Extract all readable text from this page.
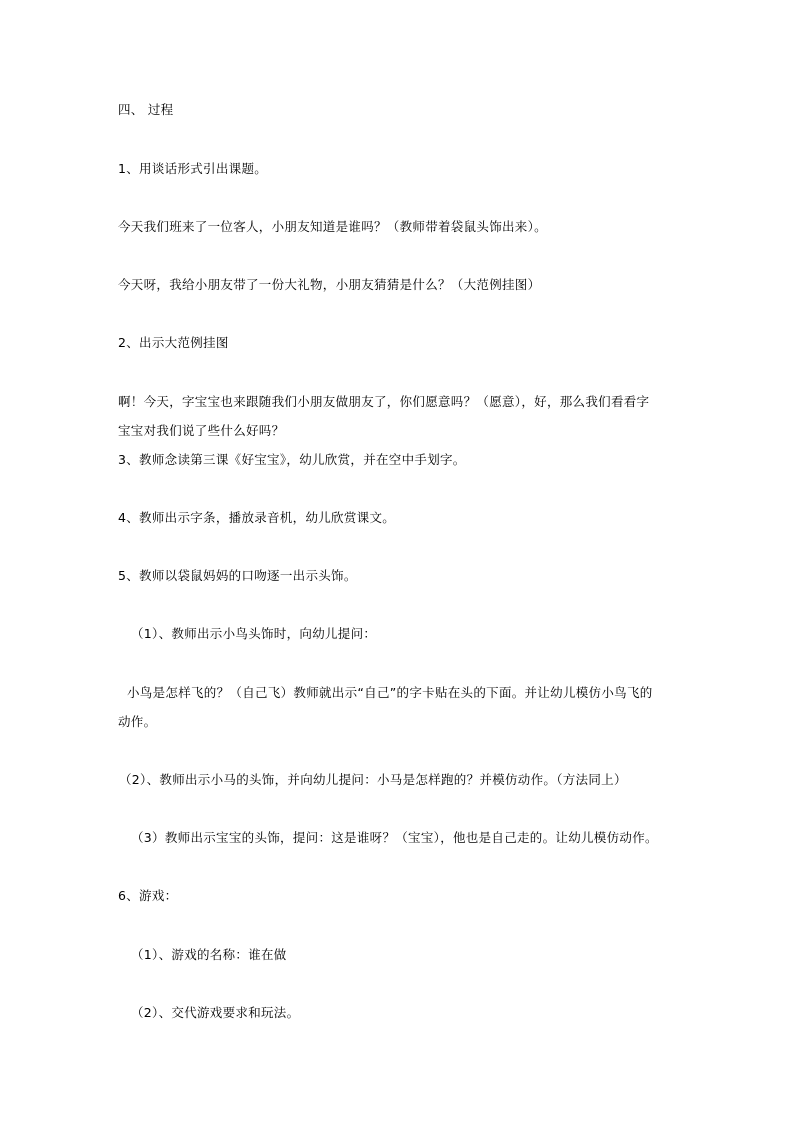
四、 过程
1、用谈话形式引出课题。
今天我们班来了一位客人，小朋友知道是谁吗？（教师带着袋鼠头饰出来）。
今天呀，我给小朋友带了一份大礼物，小朋友猜猜是什么？（大范例挂图）
2、出示大范例挂图
啊！今天，字宝宝也来跟随我们小朋友做朋友了，你们愿意吗？（愿意），好，那么我们看看字
宝宝对我们说了些什么好吗？
3、教师念读第三课《好宝宝》，幼儿欣赏，并在空中手划字。
4、教师出示字条，播放录音机，幼儿欣赏课文。
5、教师以袋鼠妈妈的口吻逐一出示头饰。
（1）、教师出示小鸟头饰时，向幼儿提问：
小鸟是怎样飞的？（自己飞）教师就出示“自己”的字卡贴在头的下面。并让幼儿模仿小鸟飞的
动作。
（2）、教师出示小马的头饰，并向幼儿提问：小马是怎样跑的？并模仿动作。（方法同上）
（3）教师出示宝宝的头饰，提问：这是谁呀？（宝宝），他也是自己走的。让幼儿模仿动作。
6、游戏：
（1）、游戏的名称：谁在做
（2）、交代游戏要求和玩法。
